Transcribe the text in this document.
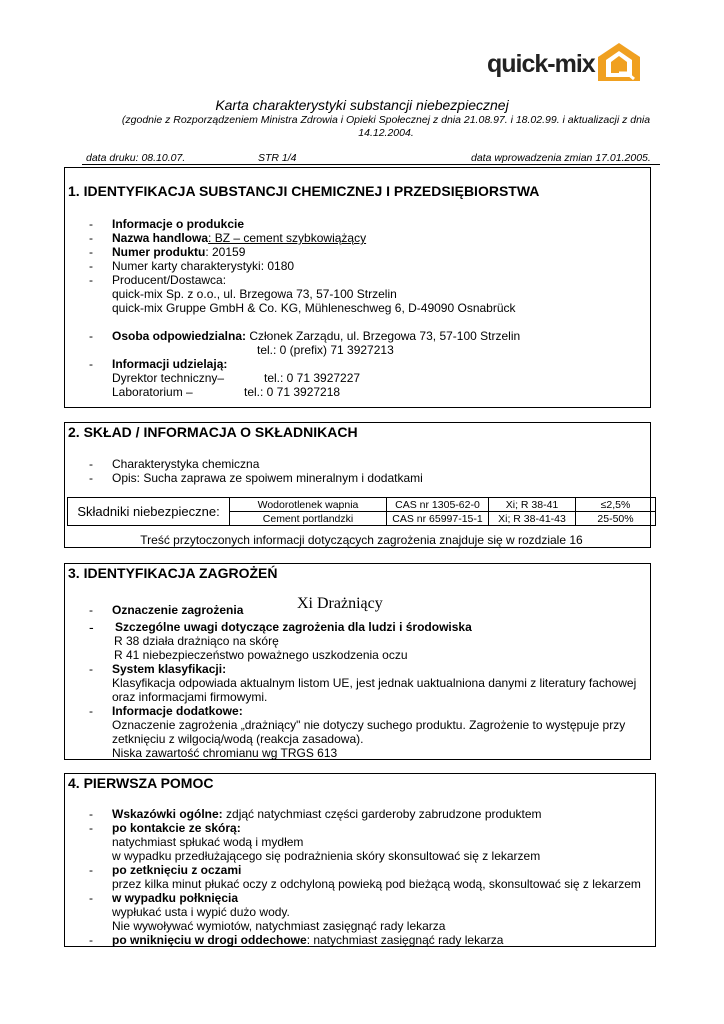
quick-mix
Karta charakterystyki substancji niebezpiecznej
(zgodnie z Rozporządzeniem Ministra Zdrowia i Opieki Społecznej z dnia 21.08.97. i 18.02.99. i aktualizacji z dnia 14.12.2004.
data druku: 08.10.07.	STR 1/4	data wprowadzenia zmian 17.01.2005.
1. IDENTYFIKACJA SUBSTANCJI CHEMICZNEJ I PRZEDSIĘBIORSTWA
- Informacje o produkcie
- Nazwa handlowa: BZ – cement szybkowiążący
- Numer produktu: 20159
- Numer karty charakterystyki: 0180
- Producent/Dostawca:
quick-mix Sp. z o.o., ul. Brzegowa 73, 57-100 Strzelin
quick-mix Gruppe GmbH & Co. KG, Mühleneschweg 6, D-49090 Osnabrück
- Osoba odpowiedzialna: Członek Zarządu, ul. Brzegowa 73, 57-100 Strzelin
tel.: 0 (prefix) 71 3927213
- Informacji udzielają:
Dyrektor techniczny–	tel.: 0 71 3927227
Laboratorium –	tel.: 0 71 3927218
2. SKŁAD / INFORMACJA O SKŁADNIKACH
- Charakterystyka chemiczna
- Opis: Sucha zaprawa ze spoiwem mineralnym i dodatkami
Składniki niebezpieczne:	Wodorotlenek wapnia	CAS nr 1305-62-0	Xi; R 38-41	≤2,5%
	Cement portlandzki	CAS nr 65997-15-1	Xi; R 38-41-43	25-50%
Treść przytoczonych informacji dotyczących zagrożenia znajduje się w rozdziale 16
3. IDENTYFIKACJA ZAGROŻEŃ
- Oznaczenie zagrożenia	Xi Drażniący
- Szczególne uwagi dotyczące zagrożenia dla ludzi i środowiska
R 38 działa drażniąco na skórę
R 41 niebezpieczeństwo poważnego uszkodzenia oczu
- System klasyfikacji:
Klasyfikacja odpowiada aktualnym listom UE, jest jednak uaktualniona danymi z literatury fachowej
oraz informacjami firmowymi.
- Informacje dodatkowe:
Oznaczenie zagrożenia „drażniący" nie dotyczy suchego produktu. Zagrożenie to występuje przy
zetknięciu z wilgocią/wodą (reakcja zasadowa).
Niska zawartość chromianu wg TRGS 613
4. PIERWSZA POMOC
- Wskazówki ogólne: zdjąć natychmiast części garderoby zabrudzone produktem
- po kontakcie ze skórą:
natychmiast spłukać wodą i mydłem
w wypadku przedłużającego się podrażnienia skóry skonsultować się z lekarzem
- po zetknięciu z oczami
przez kilka minut płukać oczy z odchyloną powieką pod bieżącą wodą, skonsultować się z lekarzem
- w wypadku połknięcia
wypłukać usta i wypić dużo wody.
Nie wywoływać wymiotów, natychmiast zasięgnąć rady lekarza
- po wniknięciu w drogi oddechowe: natychmiast zasięgnąć rady lekarza
